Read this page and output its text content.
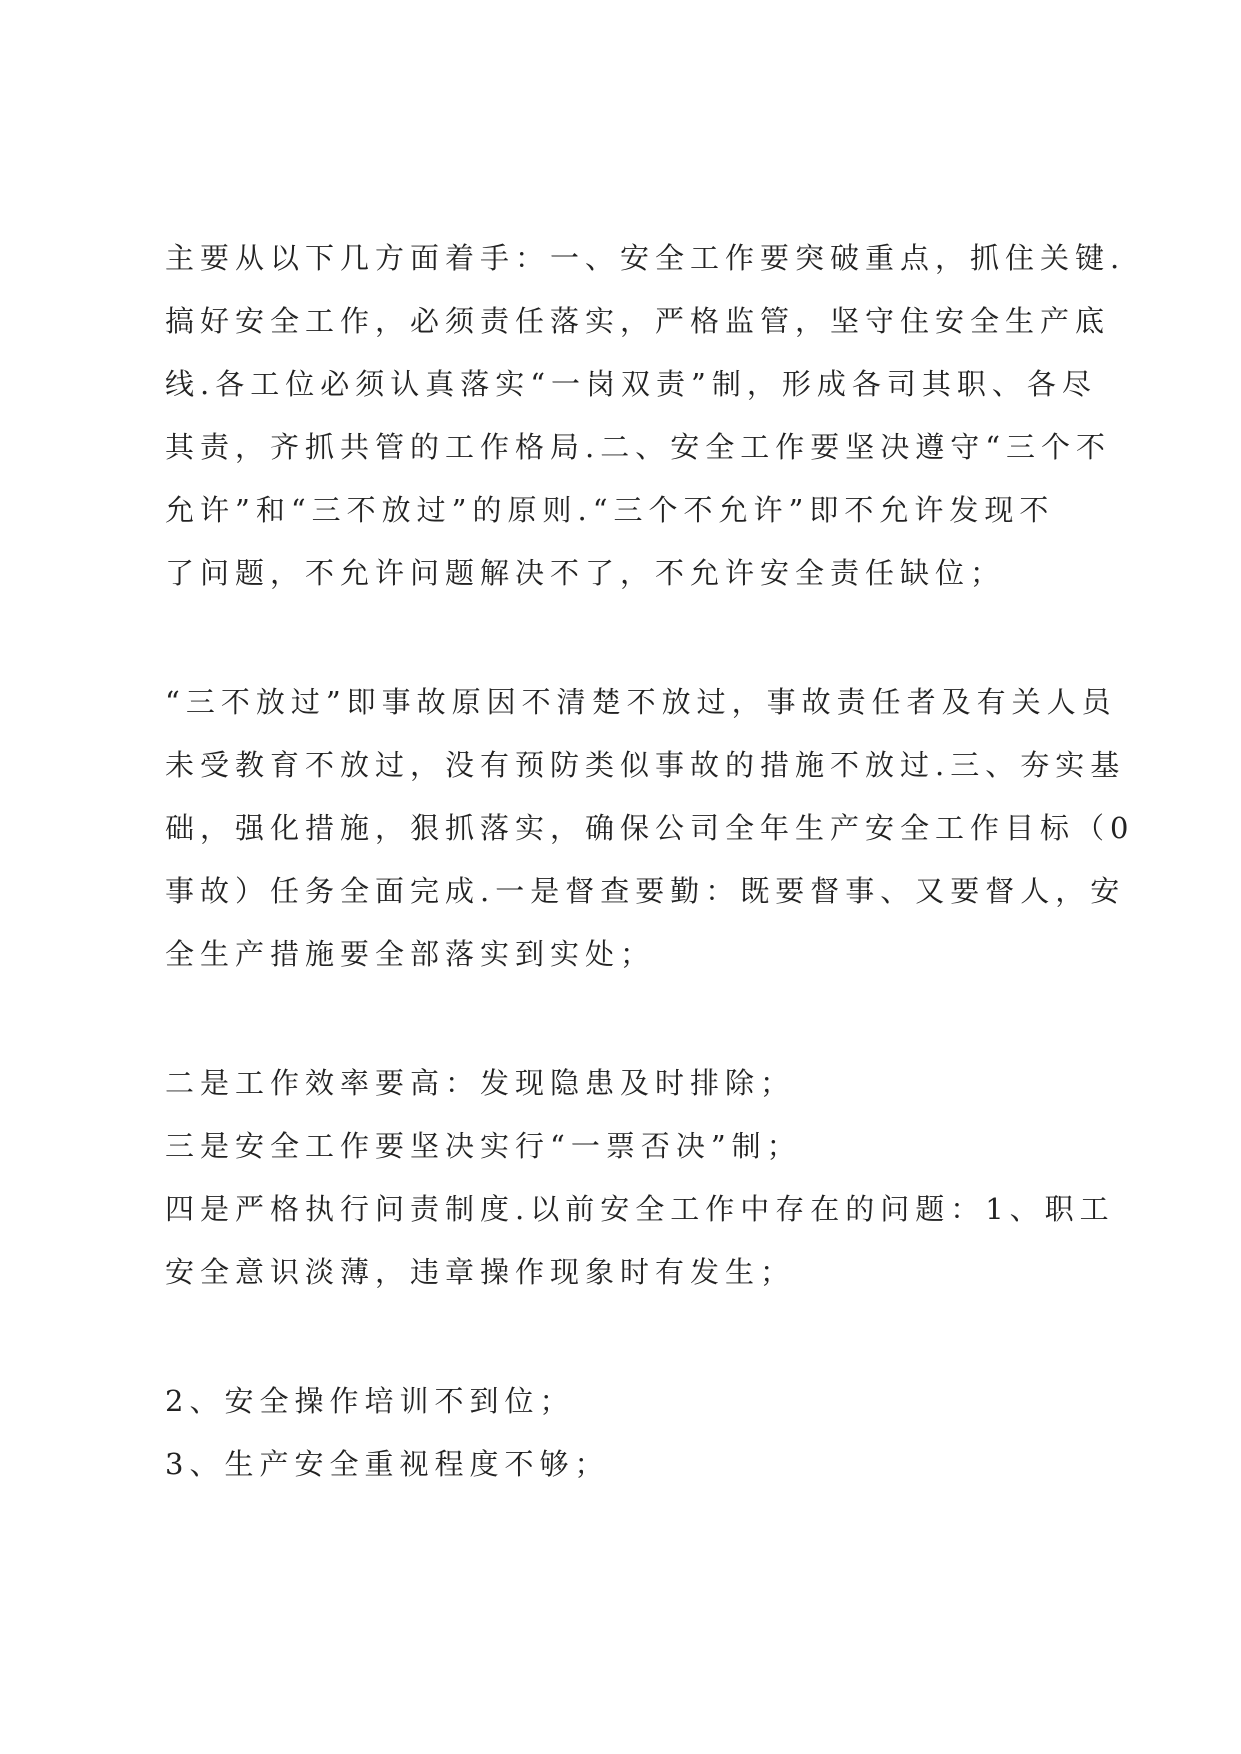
主要从以下几方面着手：一、安全工作要突破重点，抓住关键.
搞好安全工作，必须责任落实，严格监管，坚守住安全生产底
线.各工位必须认真落实“一岗双责”制，形成各司其职、各尽
其责，齐抓共管的工作格局.二、安全工作要坚决遵守“三个不
允许”和“三不放过”的原则.“三个不允许”即不允许发现不
了问题，不允许问题解决不了，不允许安全责任缺位；
“三不放过”即事故原因不清楚不放过，事故责任者及有关人员
未受教育不放过，没有预防类似事故的措施不放过.三、夯实基
础，强化措施，狠抓落实，确保公司全年生产安全工作目标（0
事故）任务全面完成.一是督查要勤：既要督事、又要督人，安
全生产措施要全部落实到实处；
二是工作效率要高：发现隐患及时排除；
三是安全工作要坚决实行“一票否决”制；
四是严格执行问责制度.以前安全工作中存在的问题：1、职工
安全意识淡薄，违章操作现象时有发生；
2、安全操作培训不到位；
3、生产安全重视程度不够；
